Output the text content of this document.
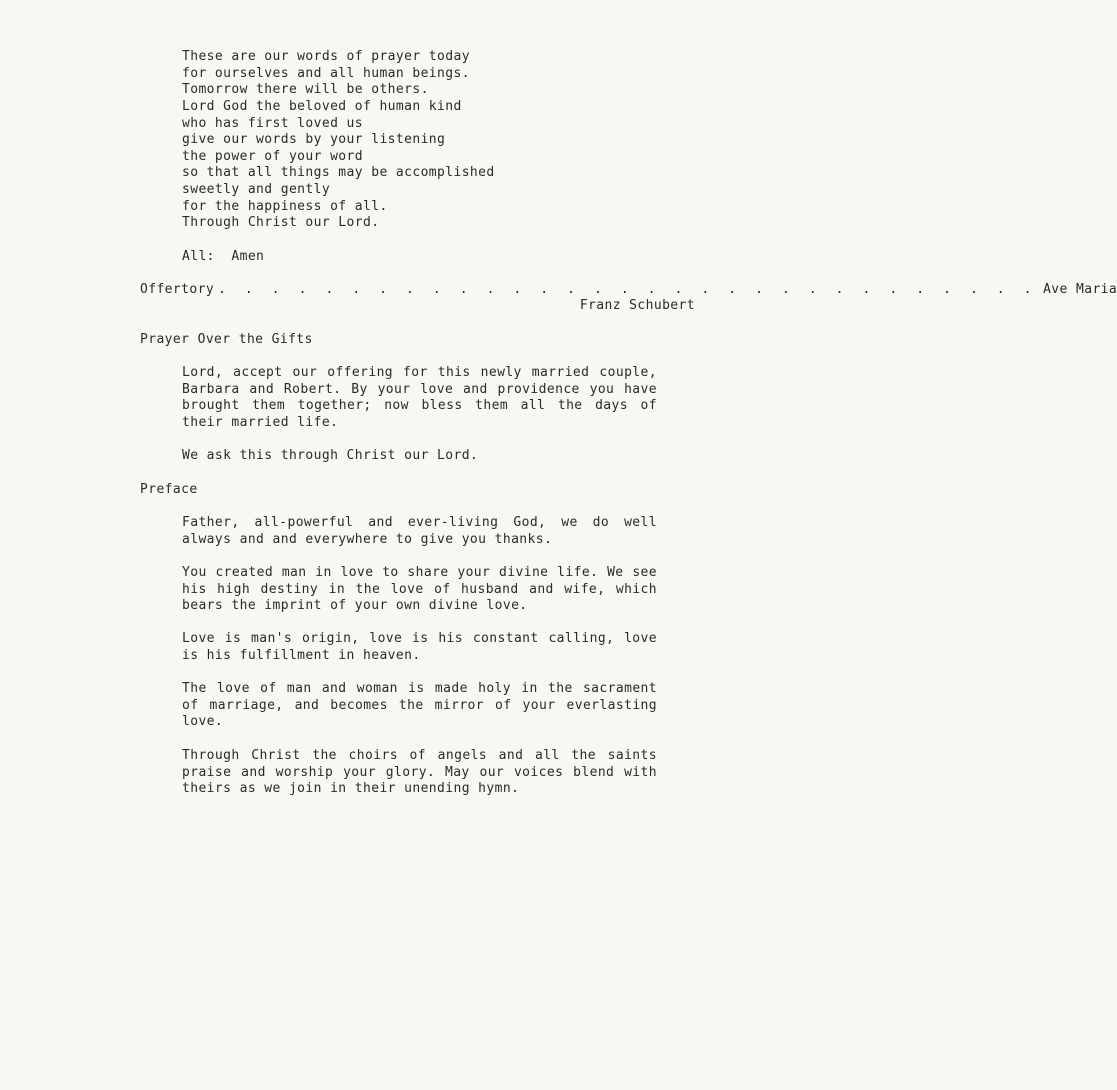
These are our words of prayer today
for ourselves and all human beings.
Tomorrow there will be others.
Lord God the beloved of human kind
who has first loved us
give our words by your listening
the power of your word
so that all things may be accomplished
sweetly and gently
for the happiness of all.
Through Christ our Lord.
All:  Amen
Offertory . . . . . . . . . . . . . . . . . . . . . . . . . . . . . . . Ave Maria
Franz Schubert
Prayer Over the Gifts
Lord, accept our offering for this newly married couple, Barbara and Robert. By your love and providence you have brought them together; now bless them all the days of their married life.
We ask this through Christ our Lord.
Preface
Father, all-powerful and ever-living God, we do well always and and everywhere to give you thanks.
You created man in love to share your divine life. We see his high destiny in the love of husband and wife, which bears the imprint of your own divine love.
Love is man's origin, love is his constant calling, love is his fulfillment in heaven.
The love of man and woman is made holy in the sacrament of marriage, and becomes the mirror of your everlasting love.
Through Christ the choirs of angels and all the saints praise and worship your glory. May our voices blend with theirs as we join in their unending hymn.
